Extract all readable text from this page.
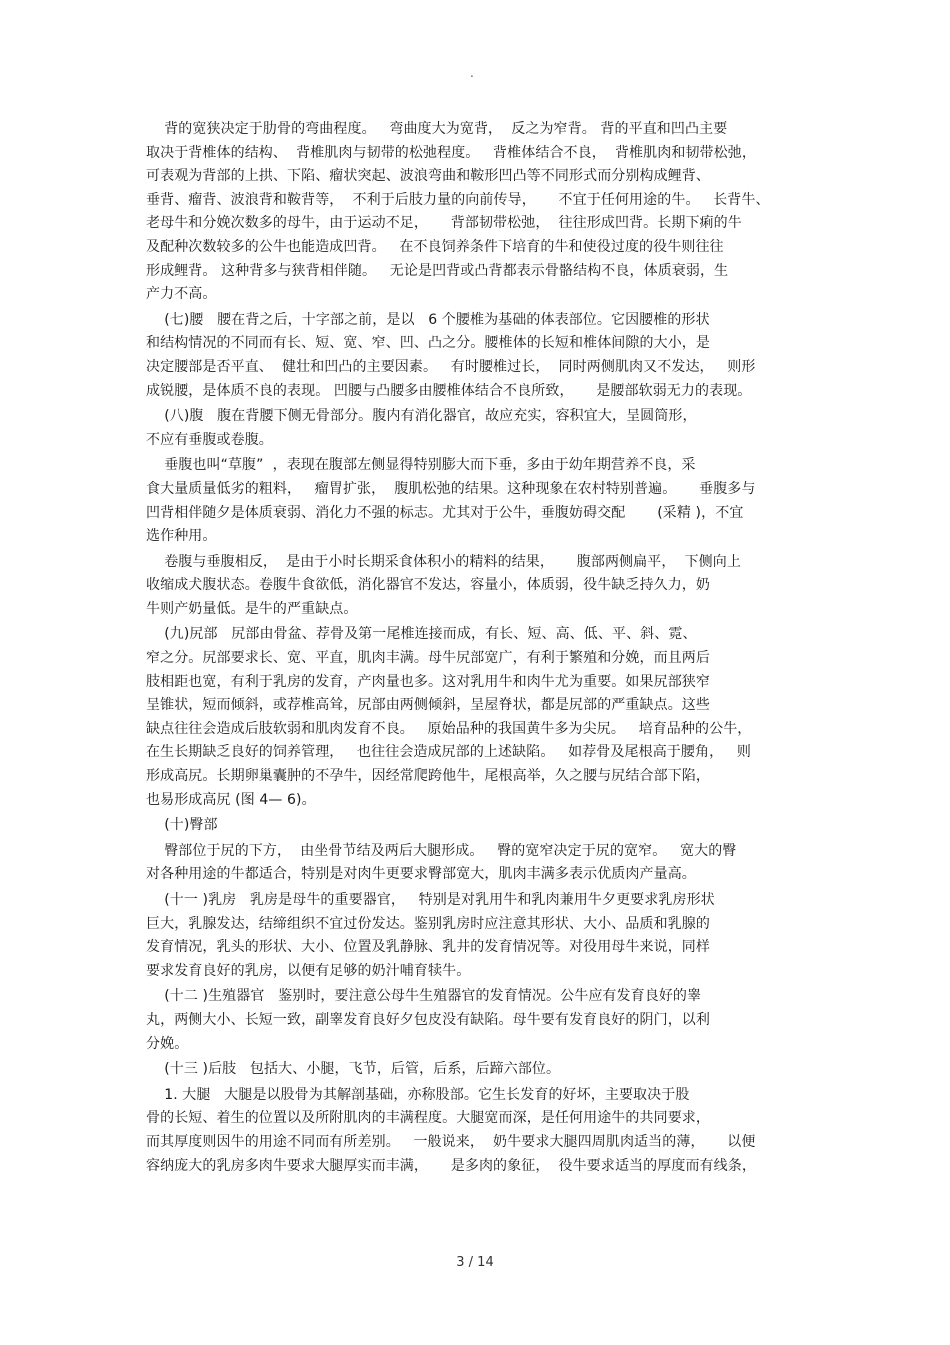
.
背的宽狭决定于肋骨的弯曲程度。   弯曲度大为宽背，  反之为窄背。 背的平直和凹凸主要
取决于背椎体的结构、  背椎肌肉与韧带的松弛程度。   背椎体结合不良，  背椎肌肉和韧带松弛，
可表观为背部的上拱、下陷、瘤状突起、波浪弯曲和鞍形凹凸等不同形式而分别构成鲤背、
垂背、瘤背、波浪背和鞍背等，  不利于后肢力量的向前传导，     不宜于任何用途的牛。   长背牛、
老母牛和分娩次数多的母牛，由于运动不足，     背部韧带松弛，  往往形成凹背。长期下痢的牛
及配种次数较多的公牛也能造成凹背。   在不良饲养条件下培育的牛和使役过度的役牛则往往
形成鲤背。 这种背多与狭背相伴随。   无论是凹背或凸背都表示骨骼结构不良，体质衰弱，生
产力不高。
(七)腰   腰在背之后，十字部之前，是以   6 个腰椎为基础的体表部位。它因腰椎的形状
和结构情况的不同而有长、短、宽、窄、凹、凸之分。腰椎体的长短和椎体间隙的大小，是
决定腰部是否平直、  健壮和凹凸的主要因素。   有时腰椎过长，  同时两侧肌肉又不发达，   则形
成锐腰，是体质不良的表现。 凹腰与凸腰多由腰椎体结合不良所致，     是腰部软弱无力的表现。
(八)腹   腹在背腰下侧无骨部分。腹内有消化器官，故应充实，容积宜大，呈圆筒形，
不应有垂腹或卷腹。
垂腹也叫“草腹”  ，表现在腹部左侧显得特别膨大而下垂，多由于幼年期营养不良，采
食大量质量低劣的粗料，   瘤胃扩张，  腹肌松弛的结果。这种现象在农村特别普遍。     垂腹多与
凹背相伴随夕是体质衰弱、消化力不强的标志。尤其对于公牛，垂腹妨碍交配       (采精 )，不宜
选作种用。
卷腹与垂腹相反，  是由于小时长期采食体积小的精料的结果，     腹部两侧扁平，  下侧向上
收缩成犬腹状态。卷腹牛食欲低，消化器官不发达，容量小，体质弱，役牛缺乏持久力，奶
牛则产奶量低。是牛的严重缺点。
(九)尻部   尻部由骨盆、荐骨及第一尾椎连接而成，有长、短、高、低、平、斜、霓、
窄之分。尻部要求长、宽、平直，肌肉丰满。母牛尻部宽广，有利于繁殖和分娩，而且两后
肢相距也宽，有利于乳房的发育，产肉量也多。这对乳用牛和肉牛尤为重要。如果尻部狭窄
呈锥状，短而倾斜，或荐椎高耸，尻部由两侧倾斜，呈屋脊状，都是尻部的严重缺点。这些
缺点往往会造成后肢软弱和肌肉发育不良。   原始品种的我国黄牛多为尖尻。   培育品种的公牛，
在生长期缺乏良好的饲养管理，   也往往会造成尻部的上述缺陷。   如荐骨及尾根高于腰角，   则
形成高尻。长期卵巢囊肿的不孕牛，因经常爬跨他牛，尾根高举，久之腰与尻结合部下陷，
也易形成高尻 (图 4— 6)。
(十)臀部
臀部位于尻的下方，  由坐骨节结及两后大腿形成。   臀的宽窄决定于尻的宽窄。   宽大的臀
对各种用途的牛都适合，特别是对肉牛更要求臀部宽大，肌肉丰满多表示优质肉产量高。
(十一 )乳房   乳房是母牛的重要器官，   特别是对乳用牛和乳肉兼用牛夕更要求乳房形状
巨大，乳腺发达，结缔组织不宜过份发达。鉴别乳房时应注意其形状、大小、品质和乳腺的
发育情况，乳头的形状、大小、位置及乳静脉、乳井的发育情况等。对役用母牛来说，同样
要求发育良好的乳房，以便有足够的奶汁哺育犊牛。
(十二 )生殖器官   鉴别时，要注意公母牛生殖器官的发育情况。公牛应有发育良好的睾
丸，两侧大小、长短一致，副睾发育良好夕包皮没有缺陷。母牛要有发育良好的阴门，以利
分娩。
(十三 )后肢   包括大、小腿，飞节，后管，后系，后蹄六部位。
1. 大腿   大腿是以股骨为其解剖基础，亦称股部。它生长发育的好坏，主要取决于股
骨的长短、着生的位置以及所附肌肉的丰满程度。大腿宽而深，是任何用途牛的共同要求，
而其厚度则因牛的用途不同而有所差别。   一般说来，  奶牛要求大腿四周肌肉适当的薄，     以便
容纳庞大的乳房多肉牛要求大腿厚实而丰满，     是多肉的象征，  役牛要求适当的厚度而有线条，
3 / 14
